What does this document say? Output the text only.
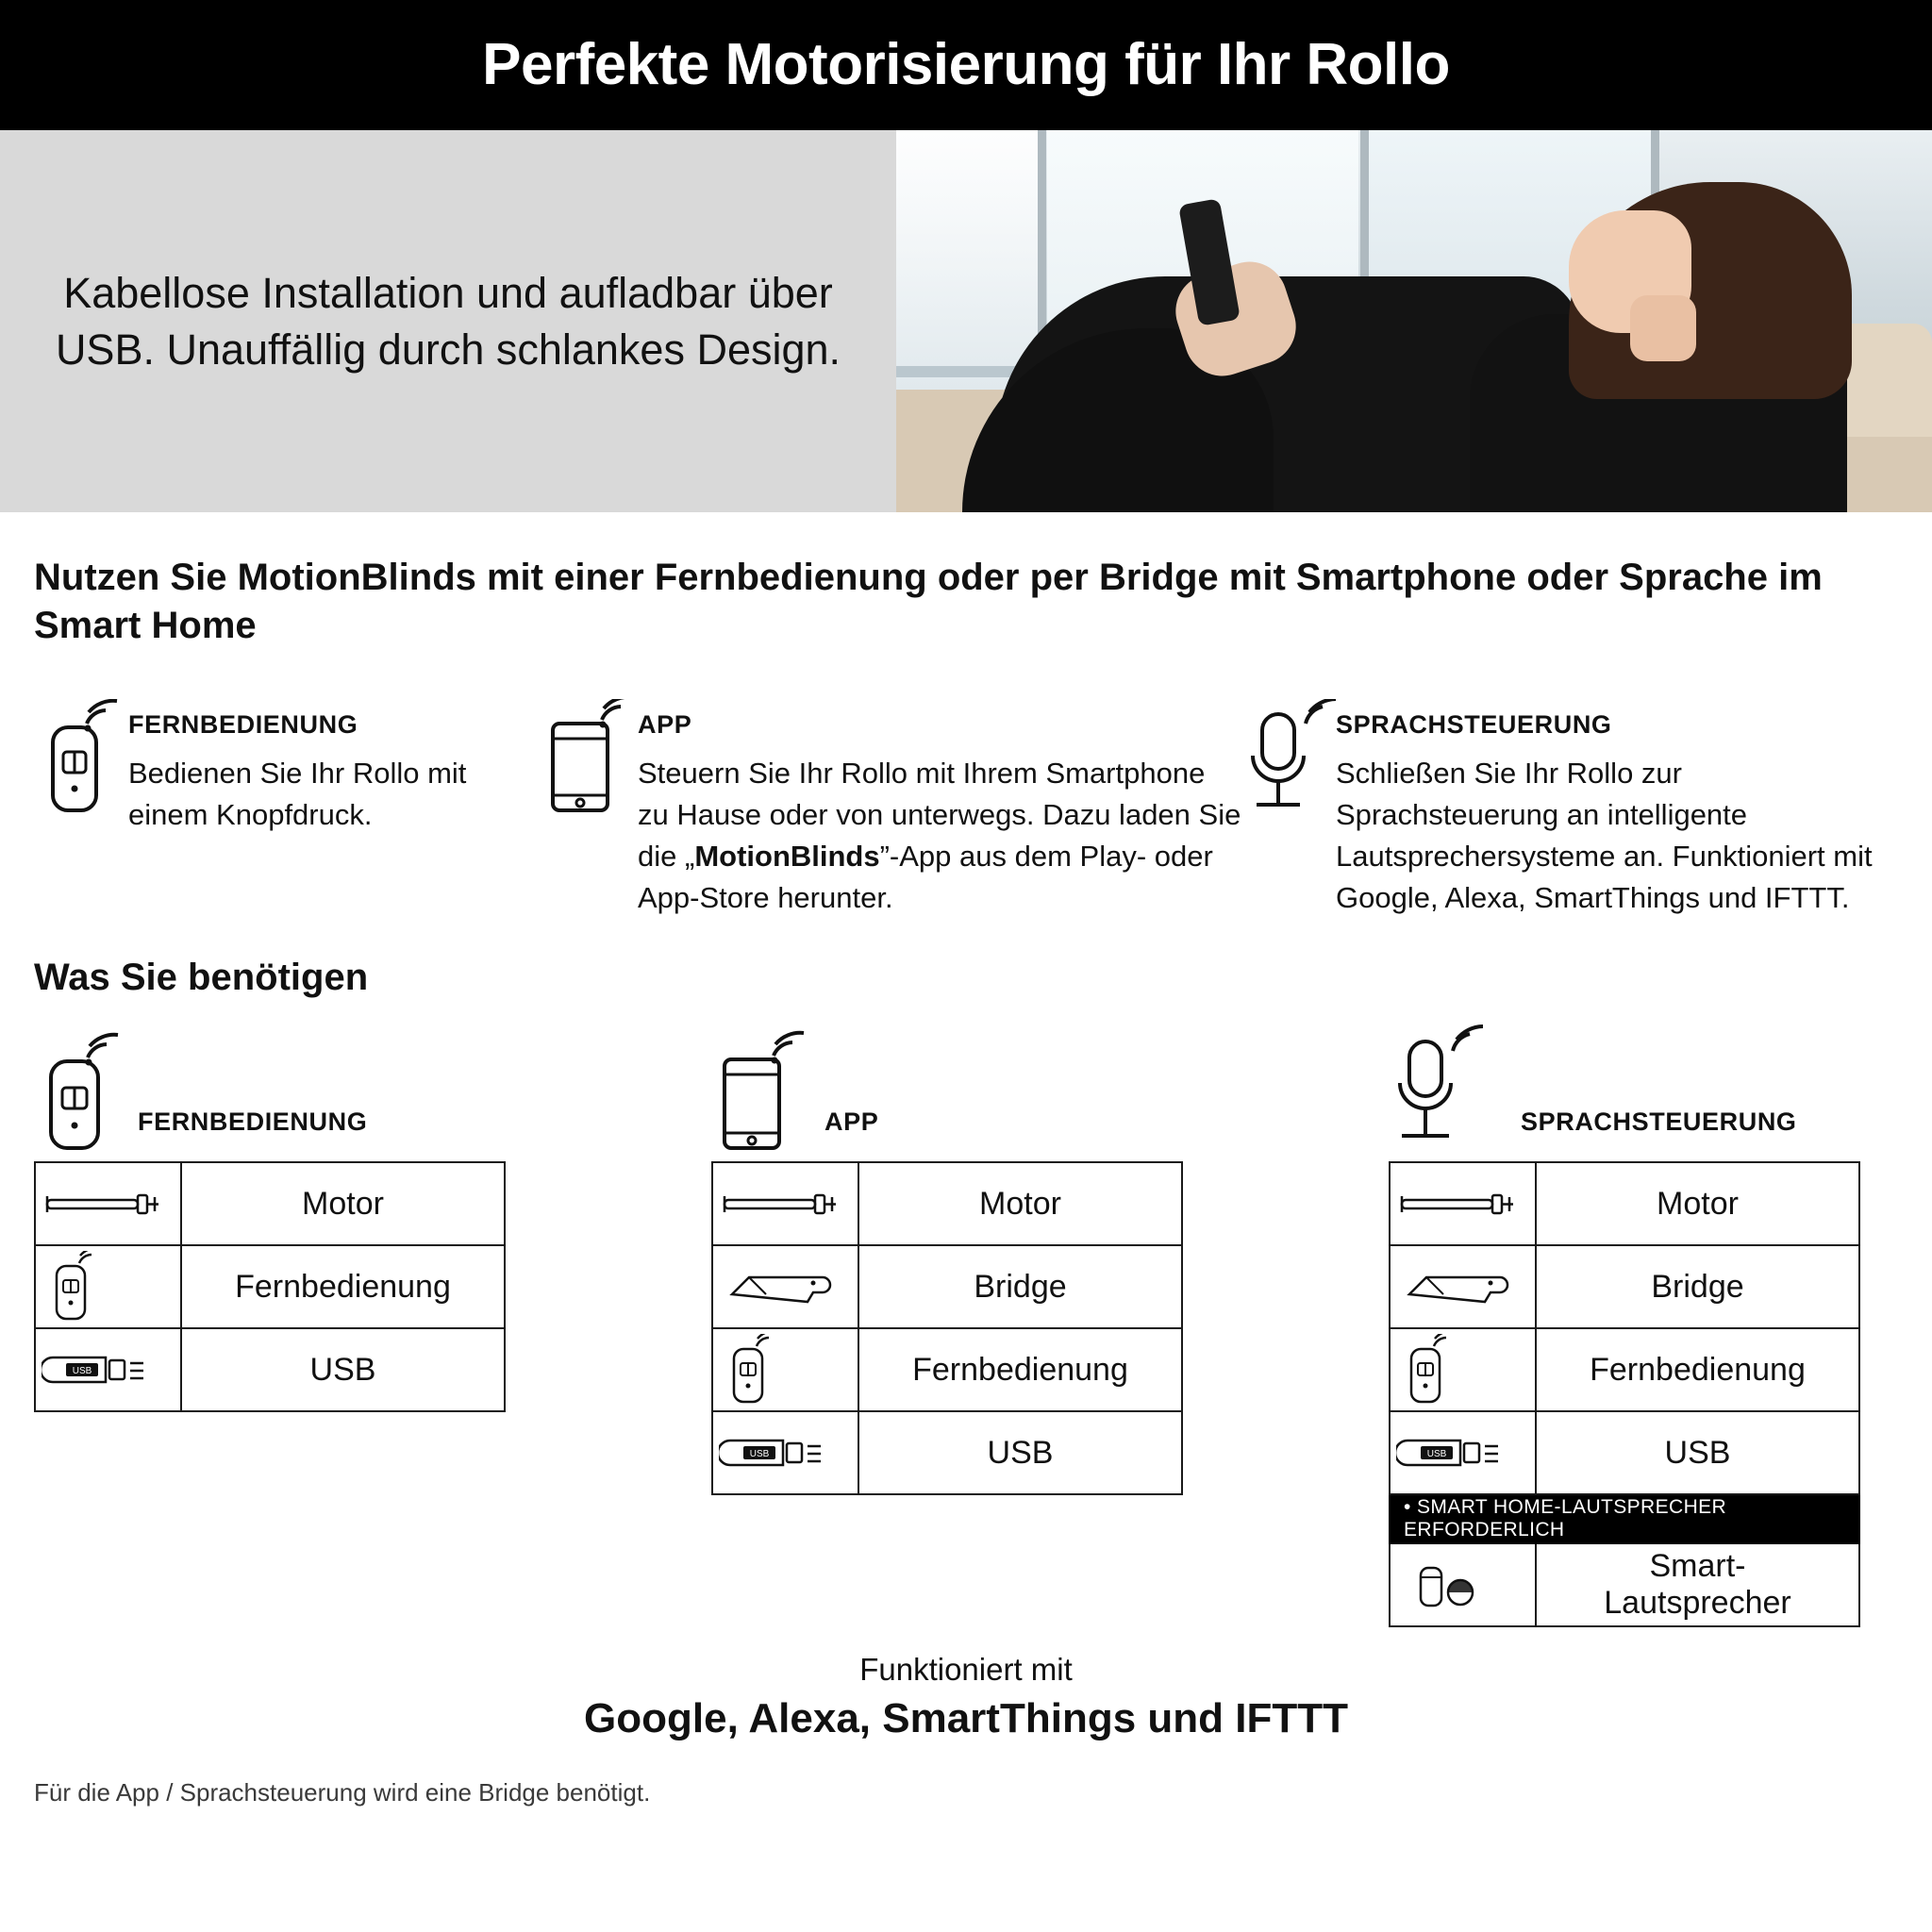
Perfekte Motorisierung für Ihr Rollo

Kabellose Installation und aufladbar über USB. Unauffällig durch schlankes Design.

Nutzen Sie MotionBlinds mit einer Fernbedienung oder per Bridge mit Smartphone oder Sprache im Smart Home
FERNBEDIENUNG
Bedienen Sie Ihr Rollo mit einem Knopfdruck.
APP
Steuern Sie Ihr Rollo mit Ihrem Smartphone zu Hause oder von unterwegs. Dazu laden Sie die „MotionBlinds”-App aus dem Play- oder App-Store herunter.
SPRACHSTEUERUNG
Schließen Sie Ihr Rollo zur Sprachsteuerung an intelligente Lautsprechersysteme an. Funktioniert mit Google, Alexa, SmartThings und IFTTT.
Was Sie benötigen
FERNBEDIENUNG
	Motor

	Fernbedienung

USB	USB
APP
	Motor

	Bridge

	Fernbedienung

USB	USB
SPRACHSTEUERUNG
	Motor

	Bridge

	Fernbedienung

USB	USB
• SMART HOME-LAUTSPRECHER ERFORDERLICH	

	Smart-Lautsprecher
Funktioniert mit
Google, Alexa, SmartThings und IFTTT
Für die App / Sprachsteuerung wird eine Bridge benötigt.
